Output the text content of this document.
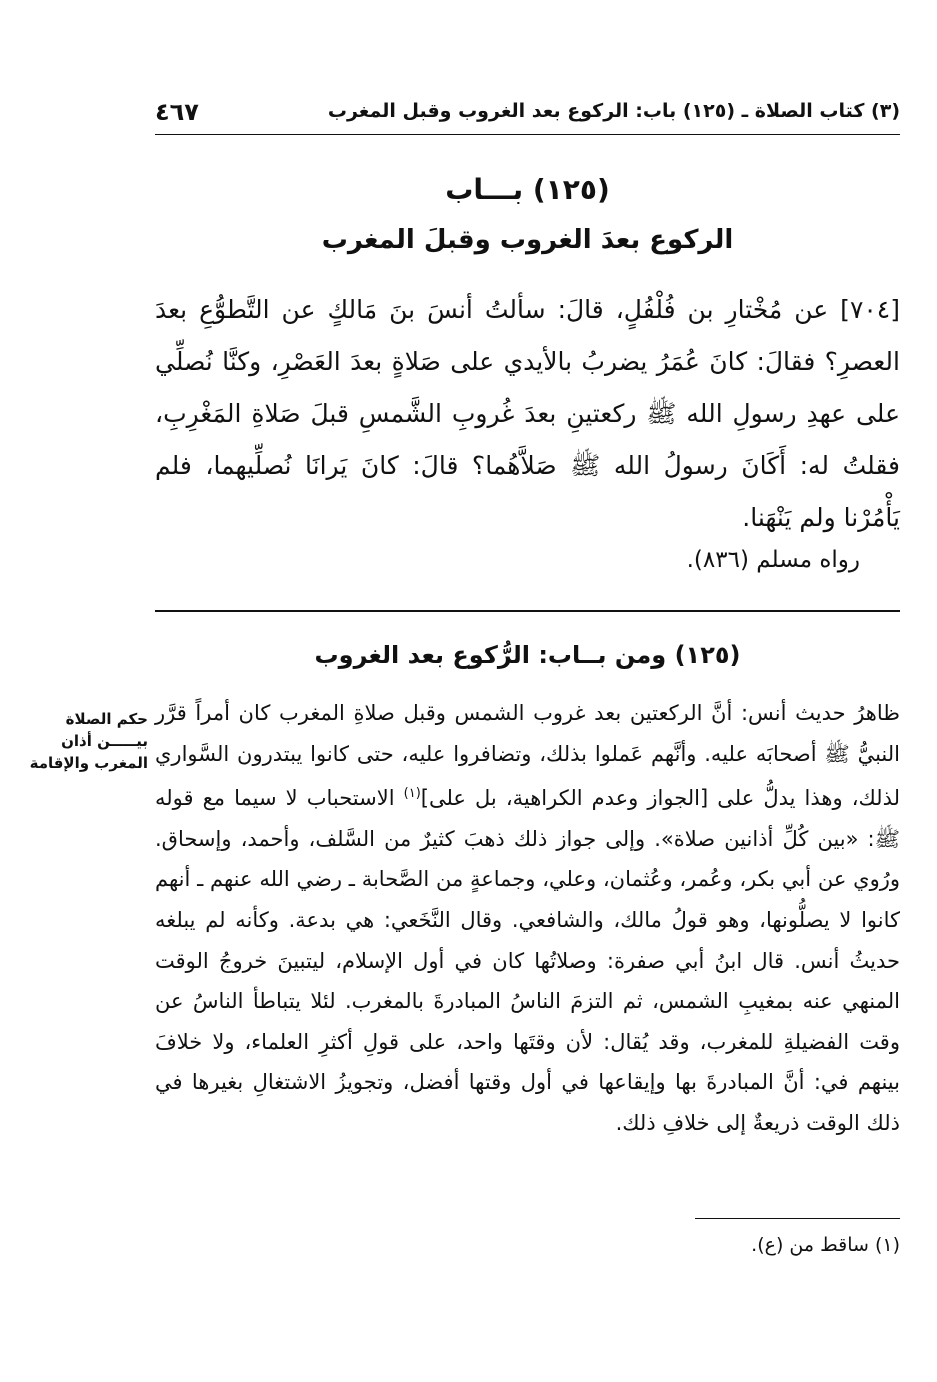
(٣) كتاب الصلاة ـ (١٢٥) باب: الركوع بعد الغروب وقبل المغرب
٤٦٧
(١٢٥) بـــاب
الركوع بعدَ الغروب وقبلَ المغرب
[٧٠٤] عن مُخْتارِ بن فُلْفُلٍ، قالَ: سألتُ أنسَ بنَ مَالكٍ عن التَّطوُّعِ بعدَ العصرِ؟ فقالَ: كانَ عُمَرُ يضربُ بالأيدي على صَلاةٍ بعدَ العَصْرِ، وكنَّا نُصلِّي على عهدِ رسولِ الله ﷺ ركعتينِ بعدَ غُروبِ الشَّمسِ قبلَ صَلاةِ المَغْرِبِ، فقلتُ له: أَكَانَ رسولُ الله ﷺ صَلاَّهُما؟ قالَ: كانَ يَرانَا نُصلِّيهما، فلم يَأْمُرْنا ولم يَنْهَنا.
رواه مسلم (٨٣٦).
(١٢٥) ومن بــاب: الرُّكوع بعد الغروب
ظاهرُ حديث أنس: أنَّ الركعتين بعد غروب الشمس وقبل صلاةِ المغرب كان أمراً قرَّر النبيُّ ﷺ أصحابَه عليه. وأنَّهم عَملوا بذلك، وتضافروا عليه، حتى كانوا يبتدرون السَّواري لذلك، وهذا يدلُّ على [الجواز وعدم الكراهية، بل على]$^{(١)}$ الاستحباب لا سيما مع قوله ﷺ: «بين كُلِّ أذانين صلاة». وإلى جواز ذلك ذهبَ كثيرٌ من السَّلف، وأحمد، وإسحاق. ورُوي عن أبي بكر، وعُمر، وعُثمان، وعلي، وجماعةٍ من الصَّحابة ـ رضي الله عنهم ـ أنهم كانوا لا يصلُّونها، وهو قولُ مالك، والشافعي. وقال النَّخَعي: هي بدعة. وكأنه لم يبلغه حديثُ أنس. قال ابنُ أبي صفرة: وصلاتُها كان في أول الإسلام، ليتبينَ خروجُ الوقت المنهي عنه بمغيبِ الشمس، ثم التزمَ الناسُ المبادرةَ بالمغرب. لئلا يتباطأ الناسُ عن وقت الفضيلةِ للمغرب، وقد يُقال: لأن وقتَها واحد، على قولِ أكثرِ العلماء، ولا خلافَ بينهم في: أنَّ المبادرةَ بها وإيقاعها في أول وقتها أفضل، وتجويزُ الاشتغالِ بغيرها في ذلك الوقت ذريعةٌ إلى خلافِ ذلك.
حكم الصلاة بيـــــن أذان المغرب والإقامة
(١) ساقط من (ع).
